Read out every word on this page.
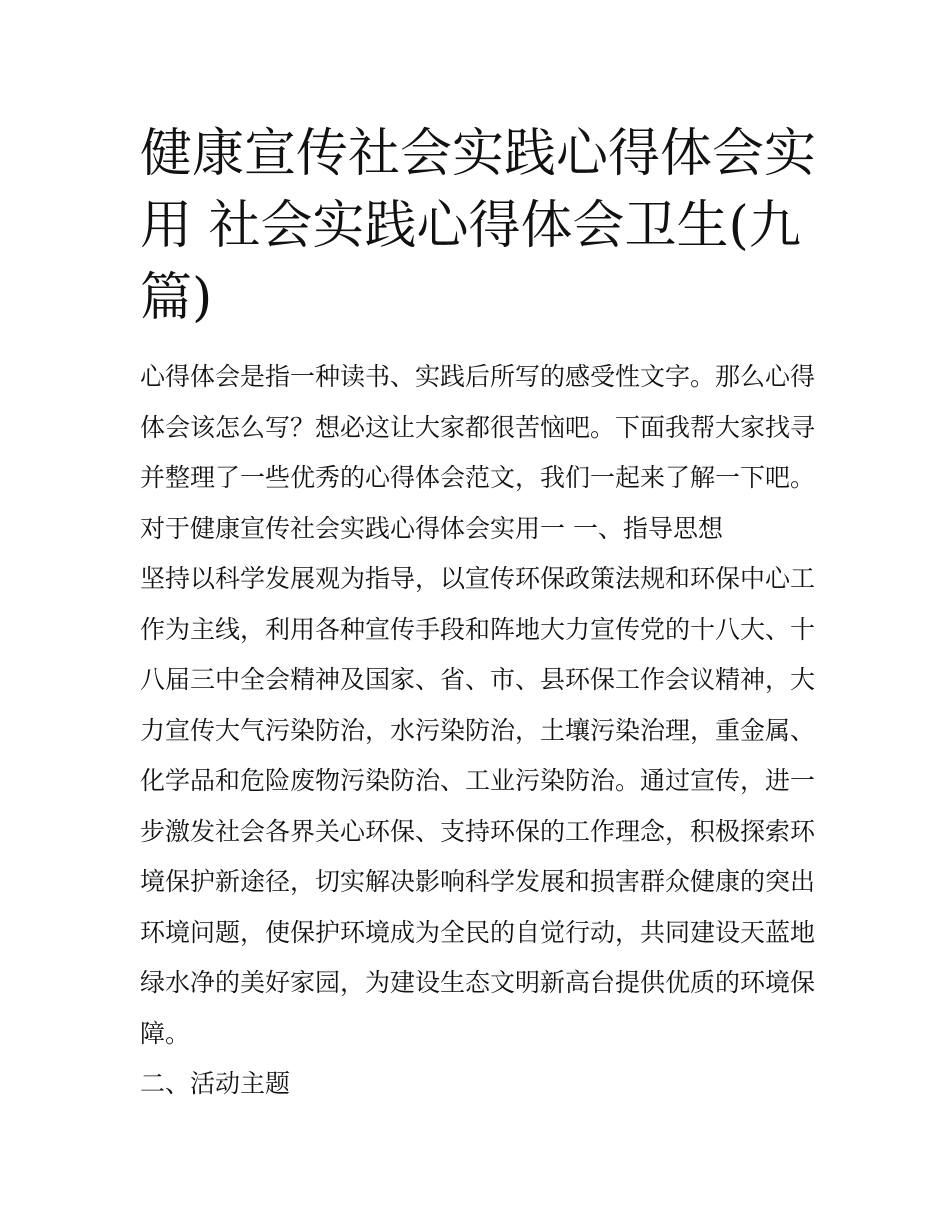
健康宣传社会实践心得体会实
用 社会实践心得体会卫生(九
篇)
心得体会是指一种读书、实践后所写的感受性文字。那么心得
体会该怎么写？想必这让大家都很苦恼吧。下面我帮大家找寻
并整理了一些优秀的心得体会范文，我们一起来了解一下吧。
对于健康宣传社会实践心得体会实用一 一、指导思想
坚持以科学发展观为指导，以宣传环保政策法规和环保中心工
作为主线，利用各种宣传手段和阵地大力宣传党的十八大、十
八届三中全会精神及国家、省、市、县环保工作会议精神，大
力宣传大气污染防治，水污染防治，土壤污染治理，重金属、
化学品和危险废物污染防治、工业污染防治。通过宣传，进一
步激发社会各界关心环保、支持环保的工作理念，积极探索环
境保护新途径，切实解决影响科学发展和损害群众健康的突出
环境问题，使保护环境成为全民的自觉行动，共同建设天蓝地
绿水净的美好家园，为建设生态文明新高台提供优质的环境保
障。
二、活动主题
